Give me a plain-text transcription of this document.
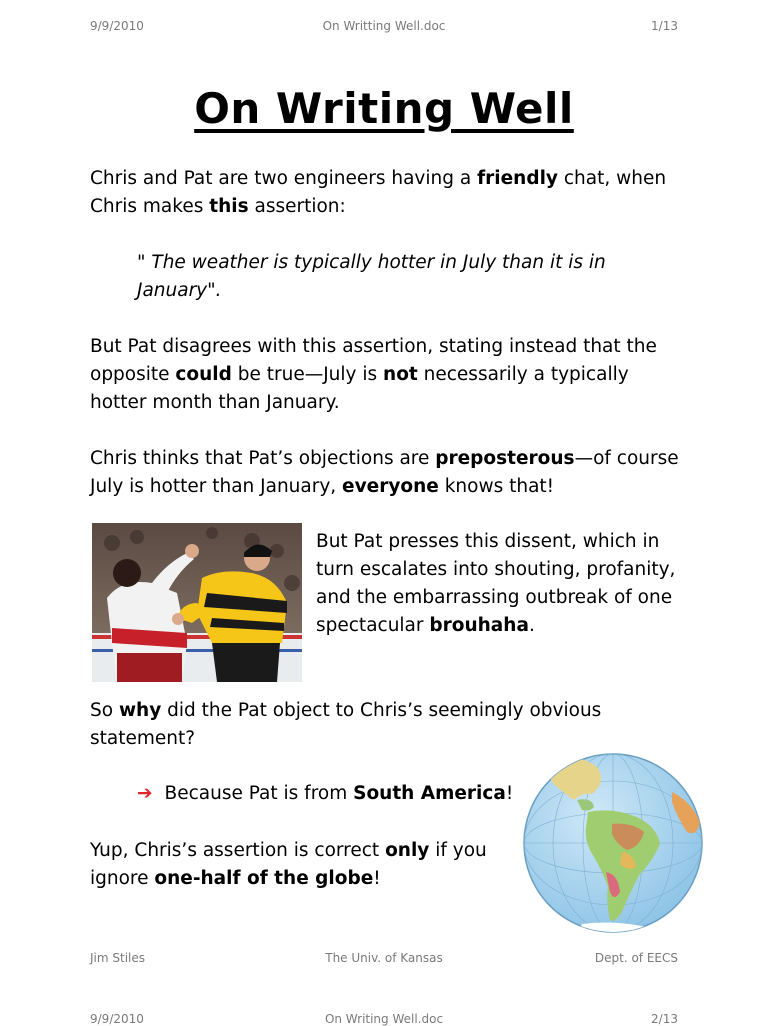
9/9/2010	On Writting Well.doc	1/13
On Writing Well

Chris and Pat are two engineers having a friendly chat, when Chris makes this assertion:

" The weather is typically hotter in July than it is in January".

But Pat disagrees with this assertion, stating instead that the opposite could be true—July is not necessarily a typically hotter month than January.

Chris thinks that Pat’s objections are preposterous—of course July is hotter than January, everyone knows that!

But Pat presses this dissent, which in turn escalates into shouting, profanity, and the embarrassing outbreak of one spectacular brouhaha.

So why did the Pat object to Chris’s seemingly obvious statement?

➔ Because Pat is from South America!

Yup, Chris’s assertion is correct only if you ignore one-half of the globe!

Jim Stiles	The Univ. of Kansas	Dept. of EECS
9/9/2010	On Writing Well.doc	2/13
